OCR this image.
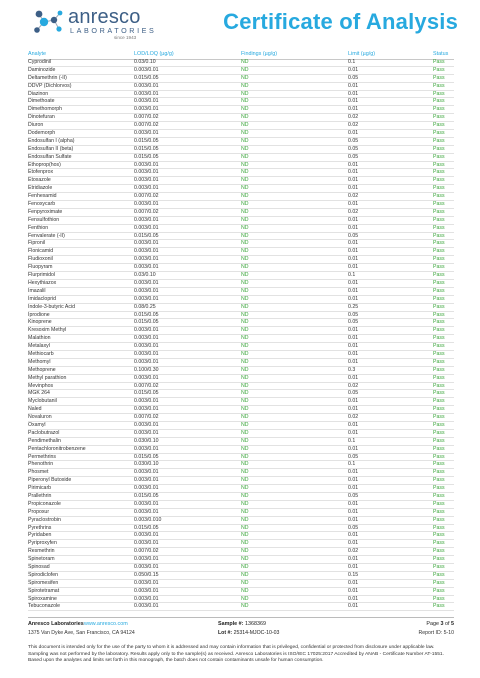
anresco
LABORATORIES
since 1943
Certificate of Analysis
Analyte	LOD/LOQ (µg/g)	Findings (µg/g)	Limit (µg/g)	Status
Cyprodinil	0.03/0.10	ND	0.1	Pass
Daminozide	0.003/0.01	ND	0.01	Pass
Deltamethrin (-II)	0.015/0.05	ND	0.05	Pass
DDVP (Dichlorvos)	0.003/0.01	ND	0.01	Pass
Diazinon	0.003/0.01	ND	0.01	Pass
Dimethoate	0.003/0.01	ND	0.01	Pass
Dimethomorph	0.003/0.01	ND	0.01	Pass
Dinotefuran	0.007/0.02	ND	0.02	Pass
Diuron	0.007/0.02	ND	0.02	Pass
Dodemorph	0.003/0.01	ND	0.01	Pass
Endosulfan I (alpha)	0.015/0.05	ND	0.05	Pass
Endosulfan II (beta)	0.015/0.05	ND	0.05	Pass
Endosulfan Sulfate	0.015/0.05	ND	0.05	Pass
Ethoprop(hos)	0.003/0.01	ND	0.01	Pass
Etofenprox	0.003/0.01	ND	0.01	Pass
Etoxazole	0.003/0.01	ND	0.01	Pass
Etridiazole	0.003/0.01	ND	0.01	Pass
Fenhexamid	0.007/0.02	ND	0.02	Pass
Fenoxycarb	0.003/0.01	ND	0.01	Pass
Fenpyroximate	0.007/0.02	ND	0.02	Pass
Fensulfothion	0.003/0.01	ND	0.01	Pass
Fenthion	0.003/0.01	ND	0.01	Pass
Fenvalerate (-II)	0.015/0.05	ND	0.05	Pass
Fipronil	0.003/0.01	ND	0.01	Pass
Flonicamid	0.003/0.01	ND	0.01	Pass
Fludioxonil	0.003/0.01	ND	0.01	Pass
Fluopyram	0.003/0.01	ND	0.01	Pass
Flurprimidol	0.03/0.10	ND	0.1	Pass
Hexythiazox	0.003/0.01	ND	0.01	Pass
Imazalil	0.003/0.01	ND	0.01	Pass
Imidacloprid	0.003/0.01	ND	0.01	Pass
Indole-3-butyric Acid	0.08/0.25	ND	0.25	Pass
Iprodione	0.015/0.05	ND	0.05	Pass
Kinoprene	0.015/0.05	ND	0.05	Pass
Kresoxim Methyl	0.003/0.01	ND	0.01	Pass
Malathion	0.003/0.01	ND	0.01	Pass
Metalaxyl	0.003/0.01	ND	0.01	Pass
Methiocarb	0.003/0.01	ND	0.01	Pass
Methomyl	0.003/0.01	ND	0.01	Pass
Methoprene	0.100/0.30	ND	0.3	Pass
Methyl parathion	0.003/0.01	ND	0.01	Pass
Mevinphos	0.007/0.02	ND	0.02	Pass
MGK 264	0.015/0.05	ND	0.05	Pass
Myclobutanil	0.003/0.01	ND	0.01	Pass
Naled	0.003/0.01	ND	0.01	Pass
Novaluron	0.007/0.02	ND	0.02	Pass
Oxamyl	0.003/0.01	ND	0.01	Pass
Paclobutrazol	0.003/0.01	ND	0.01	Pass
Pendimethalin	0.030/0.10	ND	0.1	Pass
Pentachloronitrobenzene	0.003/0.01	ND	0.01	Pass
Permethrins	0.015/0.05	ND	0.05	Pass
Phenothrin	0.030/0.10	ND	0.1	Pass
Phosmet	0.003/0.01	ND	0.01	Pass
Piperonyl Butoxide	0.003/0.01	ND	0.01	Pass
Pirimicarb	0.003/0.01	ND	0.01	Pass
Prallethrin	0.015/0.05	ND	0.05	Pass
Propiconazole	0.003/0.01	ND	0.01	Pass
Propoxur	0.003/0.01	ND	0.01	Pass
Pyraclostrobin	0.003/0.010	ND	0.01	Pass
Pyrethrins	0.015/0.05	ND	0.05	Pass
Pyridaben	0.003/0.01	ND	0.01	Pass
Pyriproxyfen	0.003/0.01	ND	0.01	Pass
Resmethrin	0.007/0.02	ND	0.02	Pass
Spinetoram	0.003/0.01	ND	0.01	Pass
Spinosad	0.003/0.01	ND	0.01	Pass
Spirodiclofen	0.050/0.15	ND	0.15	Pass
Spiromesifen	0.003/0.01	ND	0.01	Pass
Spirotetramat	0.003/0.01	ND	0.01	Pass
Spiroxamine	0.003/0.01	ND	0.01	Pass
Tebuconazole	0.003/0.01	ND	0.01	Pass
Anresco Laboratories www.anresco.com
1375 Van Dyke Ave, San Francisco, CA 94124
Sample #: 1368369
Lot #: 25314-MJOC-10-03
Page 3 of 5
Report ID: 5-10
This document is intended only for the use of the party to whom it is addressed and may contain information that is privileged, confidential or protected from disclosure under applicable law. Sampling was not performed by the laboratory. Results apply only to the sample(s) as received. Anresco Laboratories is ISO/IEC 17025:2017 Accredited by ANAB - Certificate Number AT-1551. Based upon the analytes and limits set forth in this monograph, the batch does not contain contaminants unsafe for human consumption.
